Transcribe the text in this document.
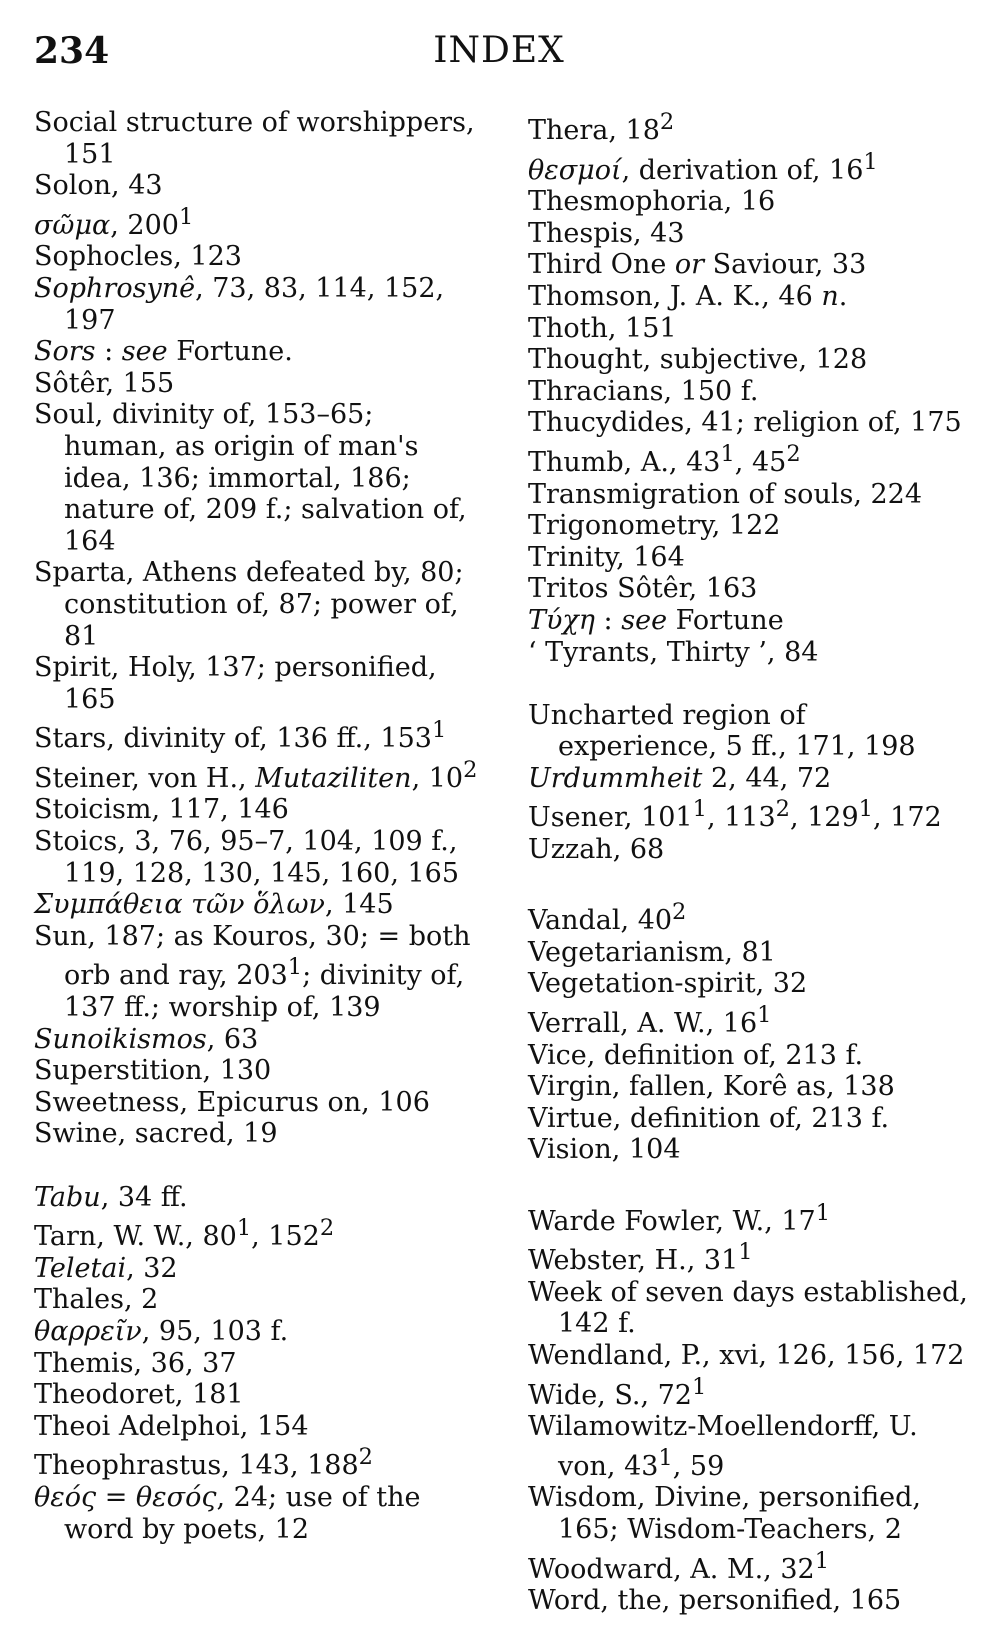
234	INDEX
Social structure of worshippers, 151
Solon, 43
σῶμα, $200^1$
Sophocles, 123
Sophrosynê, 73, 83, 114, 152, 197
Sors : see Fortune.
Sôtêr, 155
Soul, divinity of, 153–65; human, as origin of man's idea, 136; immortal, 186; nature of, 209 f.; salvation of, 164
Sparta, Athens defeated by, 80; constitution of, 87; power of, 81
Spirit, Holy, 137; personified, 165
Stars, divinity of, 136 ff., $153^1$
Steiner, von H., Mutaziliten, $10^2$
Stoicism, 117, 146
Stoics, 3, 76, 95–7, 104, 109 f., 119, 128, 130, 145, 160, 165
Συμπάθεια τῶν ὅλων, 145
Sun, 187; as Kouros, 30; = both orb and ray, $203^1$; divinity of, 137 ff.; worship of, 139
Sunoikismos, 63
Superstition, 130
Sweetness, Epicurus on, 106
Swine, sacred, 19
Tabu, 34 ff.
Tarn, W. W., $80^1$, $152^2$
Teletai, 32
Thales, 2
θαρρεῖν, 95, 103 f.
Themis, 36, 37
Theodoret, 181
Theoi Adelphoi, 154
Theophrastus, 143, $188^2$
θεός = θεσός, 24; use of the word by poets, 12
Thera, $18^2$
θεσμοί, derivation of, $16^1$
Thesmophoria, 16
Thespis, 43
Third One or Saviour, 33
Thomson, J. A. K., 46 n.
Thoth, 151
Thought, subjective, 128
Thracians, 150 f.
Thucydides, 41; religion of, 175
Thumb, A., $43^1$, $45^2$
Transmigration of souls, 224
Trigonometry, 122
Trinity, 164
Tritos Sôtêr, 163
Τύχη : see Fortune
‘ Tyrants, Thirty ’, 84
Uncharted region of experience, 5 ff., 171, 198
Urdummheit 2, 44, 72
Usener, $101^1$, $113^2$, $129^1$, 172
Uzzah, 68
Vandal, $40^2$
Vegetarianism, 81
Vegetation-spirit, 32
Verrall, A. W., $16^1$
Vice, definition of, 213 f.
Virgin, fallen, Korê as, 138
Virtue, definition of, 213 f.
Vision, 104
Warde Fowler, W., $17^1$
Webster, H., $31^1$
Week of seven days established, 142 f.
Wendland, P., xvi, 126, 156, 172
Wide, S., $72^1$
Wilamowitz-Moellendorff, U. von, $43^1$, 59
Wisdom, Divine, personified, 165; Wisdom-Teachers, 2
Woodward, A. M., $32^1$
Word, the, personified, 165
